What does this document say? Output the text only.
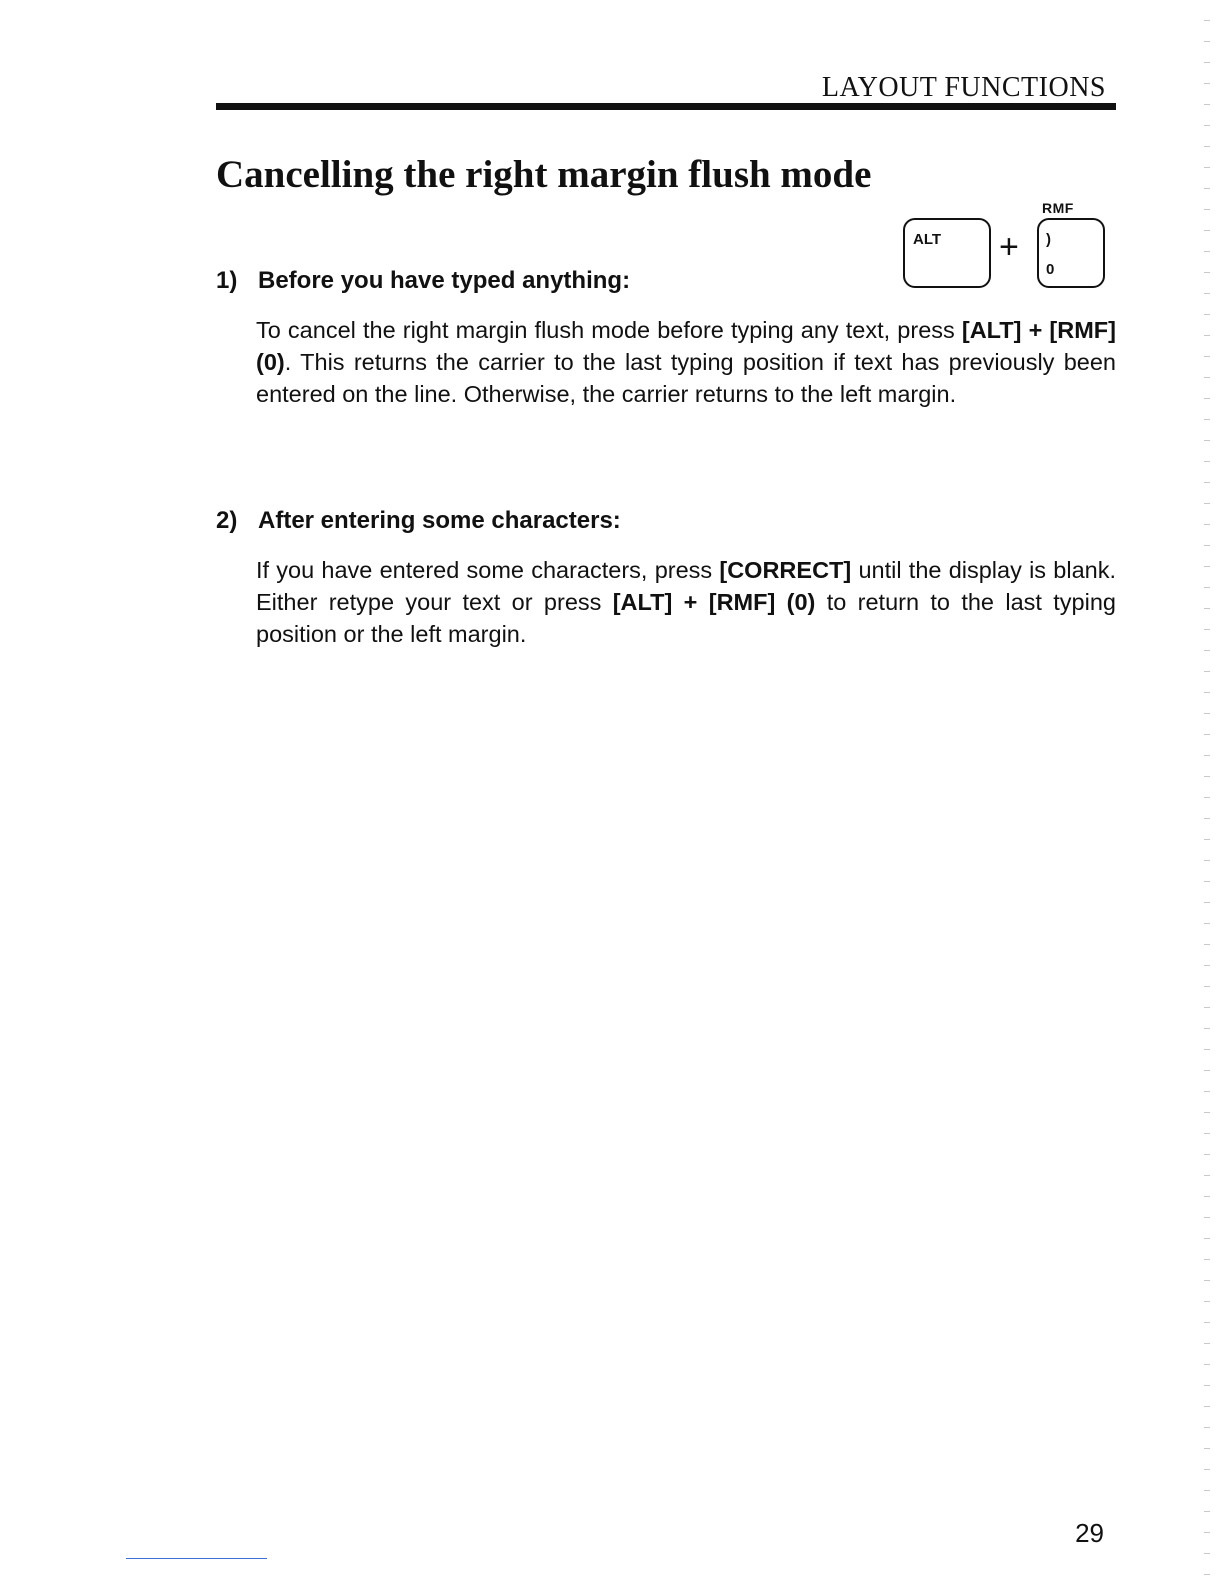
LAYOUT FUNCTIONS
Cancelling the right margin flush mode
RMF
ALT + )
0
1) Before you have typed anything:

To cancel the right margin flush mode before typing any text, press [ALT] + [RMF] (0). This returns the carrier to the last typing position if text has previously been entered on the line. Otherwise, the carrier returns to the left margin.

2) After entering some characters:

If you have entered some characters, press [CORRECT] until the display is blank. Either retype your text or press [ALT] + [RMF] (0) to return to the last typing position or the left margin.

29
